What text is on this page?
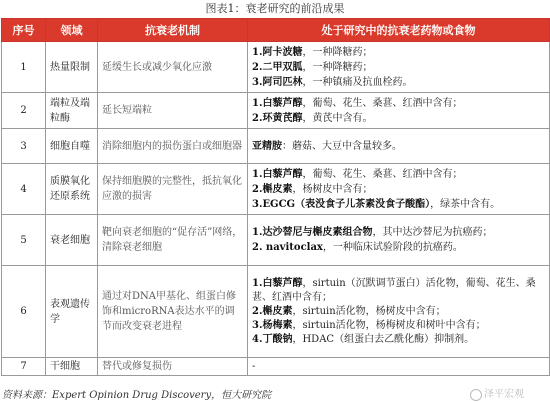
图表1：衰老研究的前沿成果
序号	领域	抗衰老机制	处于研究中的抗衰老药物或食物
1	热量限制	延缓生长或减少氧化应激	1.阿卡波糖，一种降糖药；
2.二甲双胍，一种降糖药；
3.阿司匹林，一种镇痛及抗血栓药。

2	端粒及端粒酶	延长短端粒	1.白藜芦醇，葡萄、花生、桑葚、红酒中含有；
2.环黄芪醇，黄芪中含有。

3	细胞自噬	消除细胞内的损伤蛋白或细胞器	亚精胺：蘑菇、大豆中含量较多。

4	质膜氧化还原系统	保持细胞膜的完整性，抵抗氧化应激的损害	1.白藜芦醇，葡萄、花生、桑葚、红酒中含有；
2.槲皮素，杨树皮中含有；
3.EGCG（表没食子儿茶素没食子酸酯），绿茶中含有。

5	衰老细胞	靶向衰老细胞的“促存活”网络，清除衰老细胞	1.达沙替尼与槲皮素组合物，其中达沙替尼为抗癌药；
2. navitoclax，一种临床试验阶段的抗癌药。

6	表观遗传学	通过对DNA甲基化、组蛋白修饰和microRNA表达水平的调节而改变衰老进程	1.白藜芦醇，sirtuin（沉默调节蛋白）活化物，葡萄、花生、桑葚、红酒中含有；
2.槲皮素，sirtuin活化物，杨树皮中含有；
3.杨梅素，sirtuin活化物，杨梅树皮和树叶中含有；
4.丁酸钠，HDAC（组蛋白去乙酰化酶）抑制剂。

7	干细胞	替代或修复损伤	-
资料来源：Expert Opinion Drug Discovery，恒大研究院	泽平宏观
